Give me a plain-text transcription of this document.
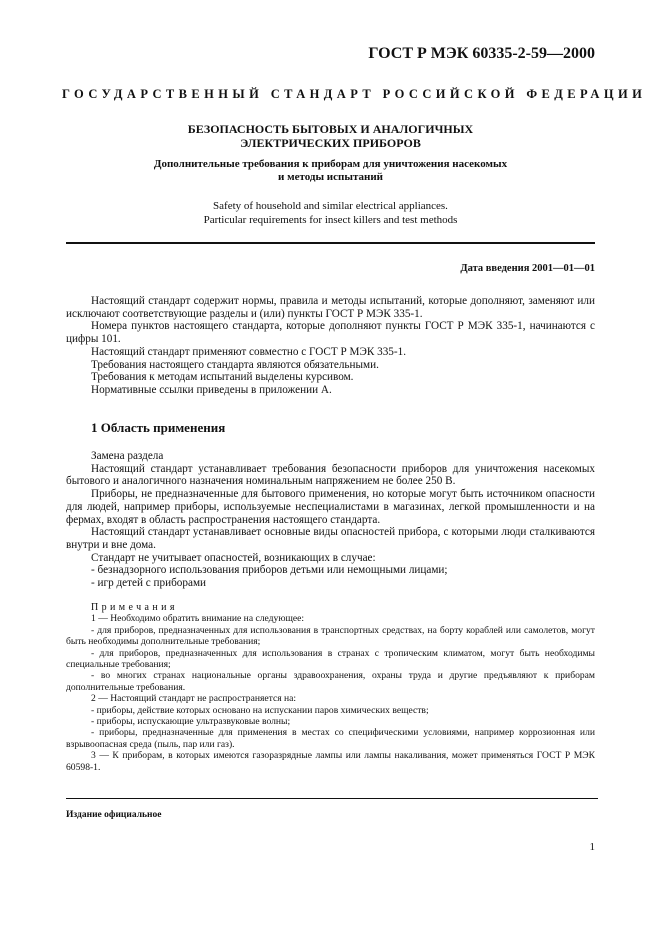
ГОСТ Р МЭК 60335-2-59—2000
ГОСУДАРСТВЕННЫЙ СТАНДАРТ РОССИЙСКОЙ ФЕДЕРАЦИИ
БЕЗОПАСНОСТЬ БЫТОВЫХ И АНАЛОГИЧНЫХ
ЭЛЕКТРИЧЕСКИХ ПРИБОРОВ
Дополнительные требования к приборам для уничтожения насекомых
и методы испытаний
Safety of household and similar electrical appliances.
Particular requirements for insect killers and test methods
Дата введения 2001—01—01

Настоящий стандарт содержит нормы, правила и методы испытаний, которые дополняют, заменяют или исключают соответствующие разделы и (или) пункты ГОСТ Р МЭК 335-1.

Номера пунктов настоящего стандарта, которые дополняют пункты ГОСТ Р МЭК 335-1, начинаются с цифры 101.

Настоящий стандарт применяют совместно с ГОСТ Р МЭК 335-1.

Требования настоящего стандарта являются обязательными.

Требования к методам испытаний выделены курсивом.

Нормативные ссылки приведены в приложении А.

1 Область применения

Замена раздела

Настоящий стандарт устанавливает требования безопасности приборов для уничтожения насекомых бытового и аналогичного назначения номинальным напряжением не более 250 В.

Приборы, не предназначенные для бытового применения, но которые могут быть источником опасности для людей, например приборы, используемые неспециалистами в магазинах, легкой промышленности и на фермах, входят в область распространения настоящего стандарта.

Настоящий стандарт устанавливает основные виды опасностей прибора, с которыми люди сталкиваются внутри и вне дома.

Стандарт не учитывает опасностей, возникающих в случае:

- безнадзорного использования приборов детьми или немощными лицами;

- игр детей с приборами

Примечания

1 — Необходимо обратить внимание на следующее:

- для приборов, предназначенных для использования в транспортных средствах, на борту кораблей или самолетов, могут быть необходимы дополнительные требования;

- для приборов, предназначенных для использования в странах с тропическим климатом, могут быть необходимы специальные требования;

- во многих странах национальные органы здравоохранения, охраны труда и другие предъявляют к приборам дополнительные требования.

2 — Настоящий стандарт не распространяется на:

- приборы, действие которых основано на испускании паров химических веществ;

- приборы, испускающие ультразвуковые волны;

- приборы, предназначенные для применения в местах со специфическими условиями, например коррозионная или взрывоопасная среда (пыль, пар или газ).

3 — К приборам, в которых имеются газоразрядные лампы или лампы накаливания, может применяться ГОСТ Р МЭК 60598-1.

Издание официальное
1
